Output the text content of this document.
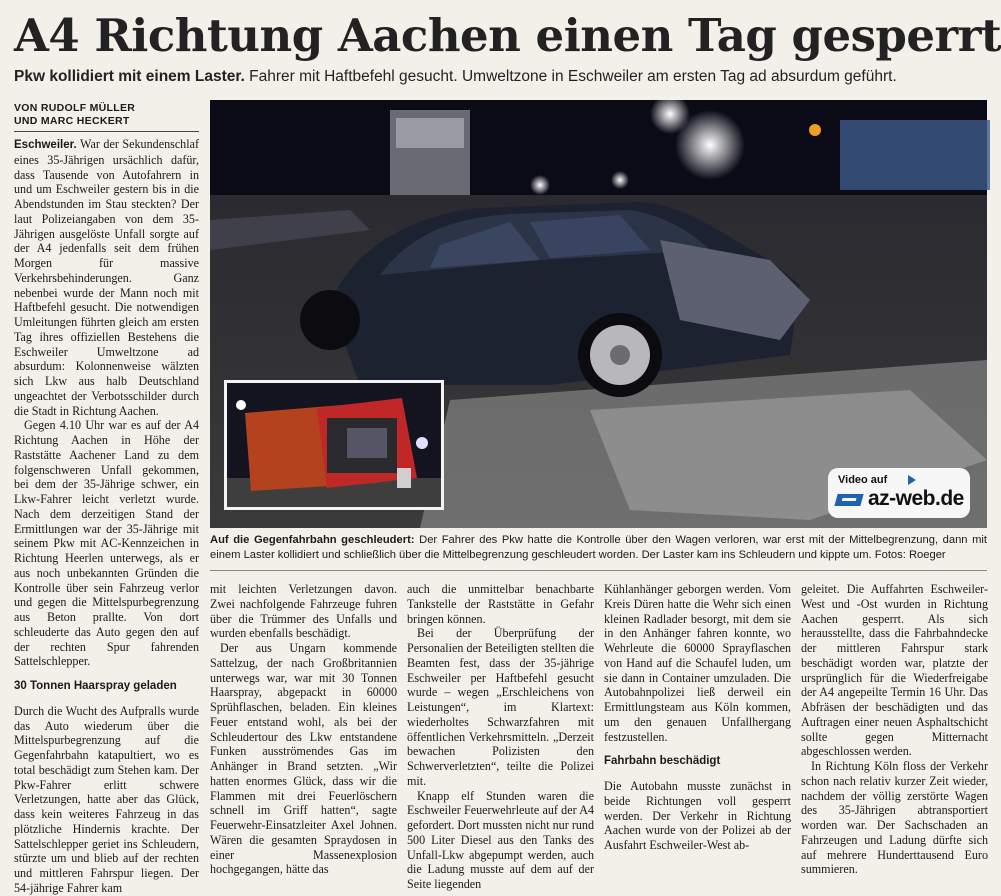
A4 Richtung Aachen einen Tag gesperrt
Pkw kollidiert mit einem Laster. Fahrer mit Haftbefehl gesucht. Umweltzone in Eschweiler am ersten Tag ad absurdum geführt.
VON RUDOLF MÜLLER
UND MARC HECKERT

Eschweiler. War der Sekundenschlaf eines 35-Jährigen ursächlich dafür, dass Tausende von Autofahrern in und um Eschweiler gestern bis in die Abendstunden im Stau steckten? Der laut Polizeiangaben von dem 35-Jährigen ausgelöste Unfall sorgte auf der A4 jedenfalls seit dem frühen Morgen für massive Verkehrsbehinderungen. Ganz nebenbei wurde der Mann noch mit Haftbefehl gesucht. Die notwendigen Umleitungen führten gleich am ersten Tag ihres offiziellen Bestehens die Eschweiler Umweltzone ad absurdum: Kolonnenweise wälzten sich Lkw aus halb Deutschland ungeachtet der Verbotsschilder durch die Stadt in Richtung Aachen.

Gegen 4.10 Uhr war es auf der A4 Richtung Aachen in Höhe der Raststätte Aachener Land zu dem folgenschweren Unfall gekommen, bei dem der 35-Jährige schwer, ein Lkw-Fahrer leicht verletzt wurde. Nach dem derzeitigen Stand der Ermittlungen war der 35-Jährige mit seinem Pkw mit AC-Kennzeichen in Richtung Heerlen unterwegs, als er aus noch unbekannten Gründen die Kontrolle über sein Fahrzeug verlor und gegen die Mittelspurbegrenzung aus Beton prallte. Von dort schleuderte das Auto gegen den auf der rechten Spur fahrenden Sattelschlepper.

30 Tonnen Haarspray geladen

Durch die Wucht des Aufpralls wurde das Auto wiederum über die Mittelspurbegrenzung auf die Gegenfahrbahn katapultiert, wo es total beschädigt zum Stehen kam. Der Pkw-Fahrer erlitt schwere Verletzungen, hatte aber das Glück, dass kein weiteres Fahrzeug in das plötzliche Hindernis krachte. Der Sattelschlepper geriet ins Schleudern, stürzte um und blieb auf der rechten und mittleren Fahrspur liegen. Der 54-jährige Fahrer kam

Video auf
az-web.de
Auf die Gegenfahrbahn geschleudert: Der Fahrer des Pkw hatte die Kontrolle über den Wagen verloren, war erst mit der Mittelbegrenzung, dann mit einem Laster kollidiert und schließlich über die Mittelbegrenzung geschleudert worden. Der Laster kam ins Schleudern und kippte um. Fotos: Roeger

mit leichten Verletzungen davon. Zwei nachfolgende Fahrzeuge fuhren über die Trümmer des Unfalls und wurden ebenfalls beschädigt.

Der aus Ungarn kommende Sattelzug, der nach Großbritannien unterwegs war, war mit 30 Tonnen Haarspray, abgepackt in 60000 Sprühflaschen, beladen. Ein kleines Feuer entstand wohl, als bei der Schleudertour des Lkw entstandene Funken ausströmendes Gas im Anhänger in Brand setzten. „Wir hatten enormes Glück, dass wir die Flammen mit drei Feuerlöschern schnell im Griff hatten“, sagte Feuerwehr-Einsatzleiter Axel Johnen. Wären die gesamten Spraydosen in einer Massenexplosion hochgegangen, hätte das

auch die unmittelbar benachbarte Tankstelle der Raststätte in Gefahr bringen können.

Bei der Überprüfung der Personalien der Beteiligten stellten die Beamten fest, dass der 35-jährige Eschweiler per Haftbefehl gesucht wurde – wegen „Erschleichens von Leistungen“, im Klartext: wiederholtes Schwarzfahren mit öffentlichen Verkehrsmitteln. „Derzeit bewachen Polizisten den Schwerverletzten“, teilte die Polizei mit.

Knapp elf Stunden waren die Eschweiler Feuerwehrleute auf der A4 gefordert. Dort mussten nicht nur rund 500 Liter Diesel aus den Tanks des Unfall-Lkw abgepumpt werden, auch die Ladung musste auf dem auf der Seite liegenden

Kühlanhänger geborgen werden. Vom Kreis Düren hatte die Wehr sich einen kleinen Radlader besorgt, mit dem sie in den Anhänger fahren konnte, wo Wehrleute die 60000 Sprayflaschen von Hand auf die Schaufel luden, um sie dann in Container umzuladen. Die Autobahnpolizei ließ derweil ein Ermittlungsteam aus Köln kommen, um den genauen Unfallhergang festzustellen.

Fahrbahn beschädigt

Die Autobahn musste zunächst in beide Richtungen voll gesperrt werden. Der Verkehr in Richtung Aachen wurde von der Polizei ab der Ausfahrt Eschweiler-West ab-

geleitet. Die Auffahrten Eschweiler-West und -Ost wurden in Richtung Aachen gesperrt. Als sich herausstellte, dass die Fahrbahndecke der mittleren Fahrspur stark beschädigt worden war, platzte der ursprünglich für die Wiederfreigabe der A4 angepeilte Termin 16 Uhr. Das Abfräsen der beschädigten und das Auftragen einer neuen Asphaltschicht sollte gegen Mitternacht abgeschlossen werden.

In Richtung Köln floss der Verkehr schon nach relativ kurzer Zeit wieder, nachdem der völlig zerstörte Wagen des 35-Jährigen abtransportiert worden war. Der Sachschaden an Fahrzeugen und Ladung dürfte sich auf mehrere Hunderttausend Euro summieren.
